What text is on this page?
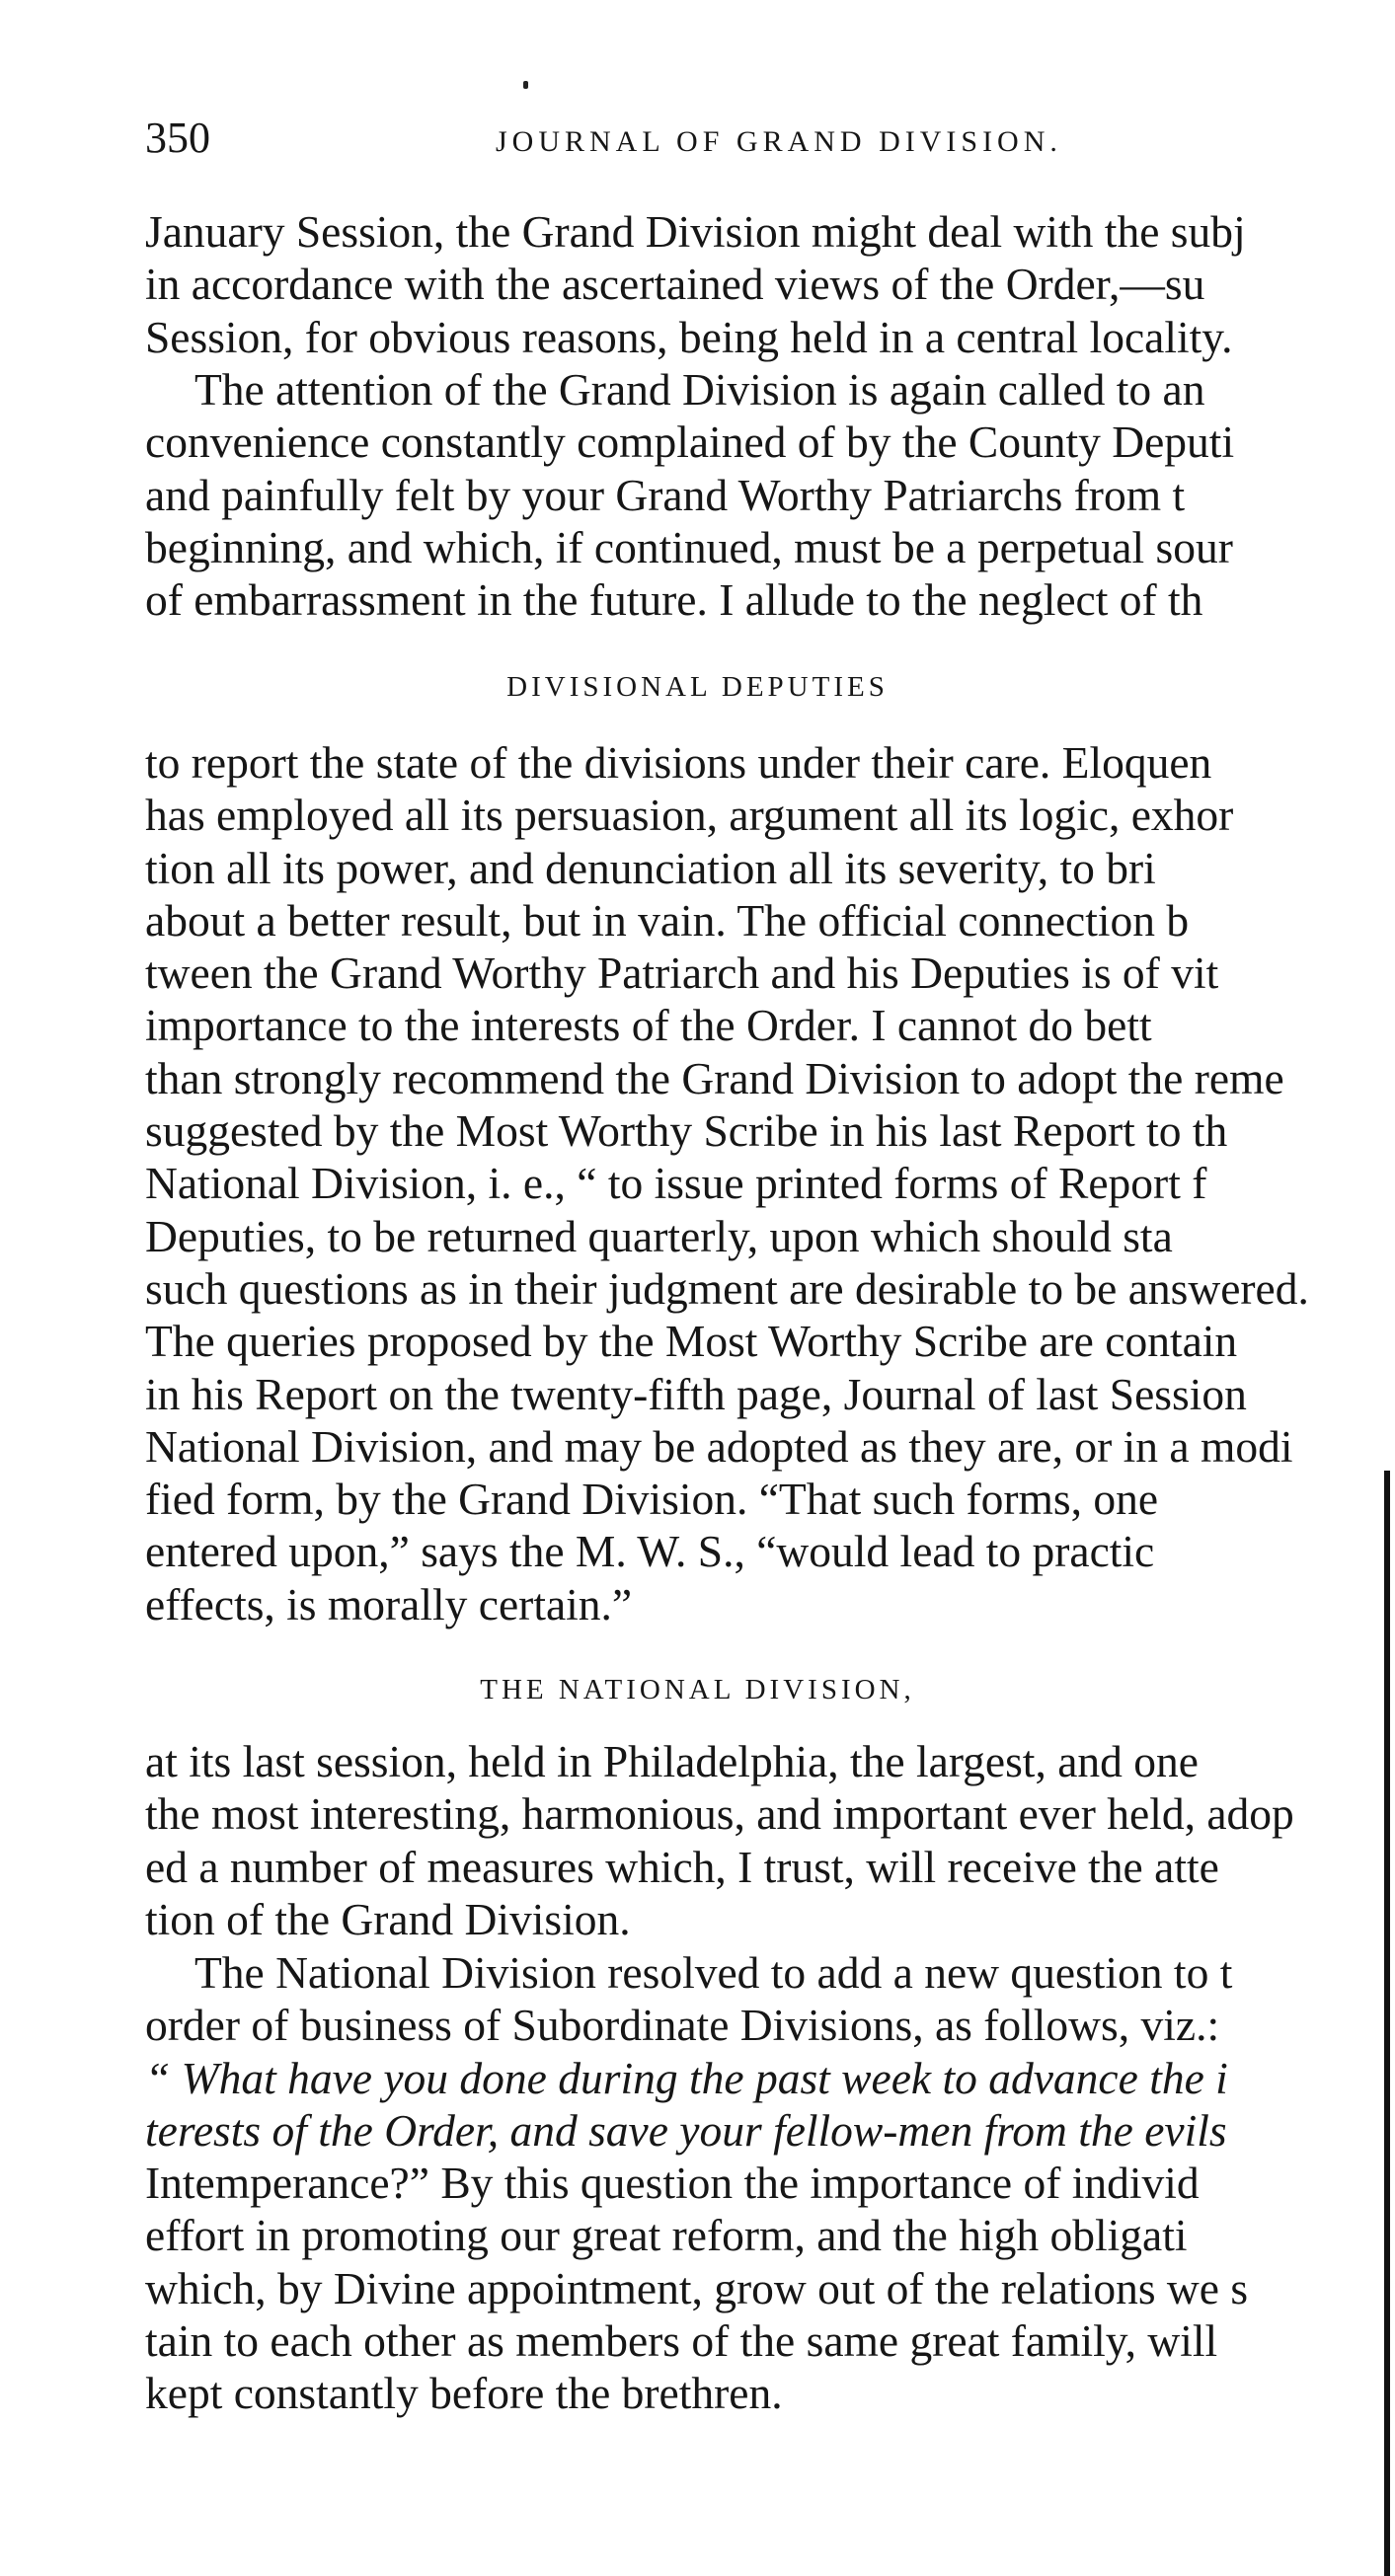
350	JOURNAL OF GRAND DIVISION.
January Session, the Grand Division might deal with the subj
in accordance with the ascertained views of the Order,—su
Session, for obvious reasons, being held in a central locality.
The attention of the Grand Division is again called to an
convenience constantly complained of by the County Deputi
and painfully felt by your Grand Worthy Patriarchs from t
beginning, and which, if continued, must be a perpetual sour
of embarrassment in the future. I allude to the neglect of th
DIVISIONAL DEPUTIES
to report the state of the divisions under their care. Eloquen
has employed all its persuasion, argument all its logic, exhor
tion all its power, and denunciation all its severity, to bri
about a better result, but in vain. The official connection b
tween the Grand Worthy Patriarch and his Deputies is of vit
importance to the interests of the Order. I cannot do bett
than strongly recommend the Grand Division to adopt the reme
suggested by the Most Worthy Scribe in his last Report to th
National Division, i. e., “ to issue printed forms of Report f
Deputies, to be returned quarterly, upon which should sta
such questions as in their judgment are desirable to be answered.
The queries proposed by the Most Worthy Scribe are contain
in his Report on the twenty-fifth page, Journal of last Session
National Division, and may be adopted as they are, or in a modi
fied form, by the Grand Division. “That such forms, one
entered upon,” says the M. W. S., “would lead to practic
effects, is morally certain.”
THE NATIONAL DIVISION,
at its last session, held in Philadelphia, the largest, and one
the most interesting, harmonious, and important ever held, adop
ed a number of measures which, I trust, will receive the atte
tion of the Grand Division.
The National Division resolved to add a new question to t
order of business of Subordinate Divisions, as follows, viz.:
“ What have you done during the past week to advance the i
terests of the Order, and save your fellow-men from the evils
Intemperance?” By this question the importance of individ
effort in promoting our great reform, and the high obligati
which, by Divine appointment, grow out of the relations we s
tain to each other as members of the same great family, will
kept constantly before the brethren.
